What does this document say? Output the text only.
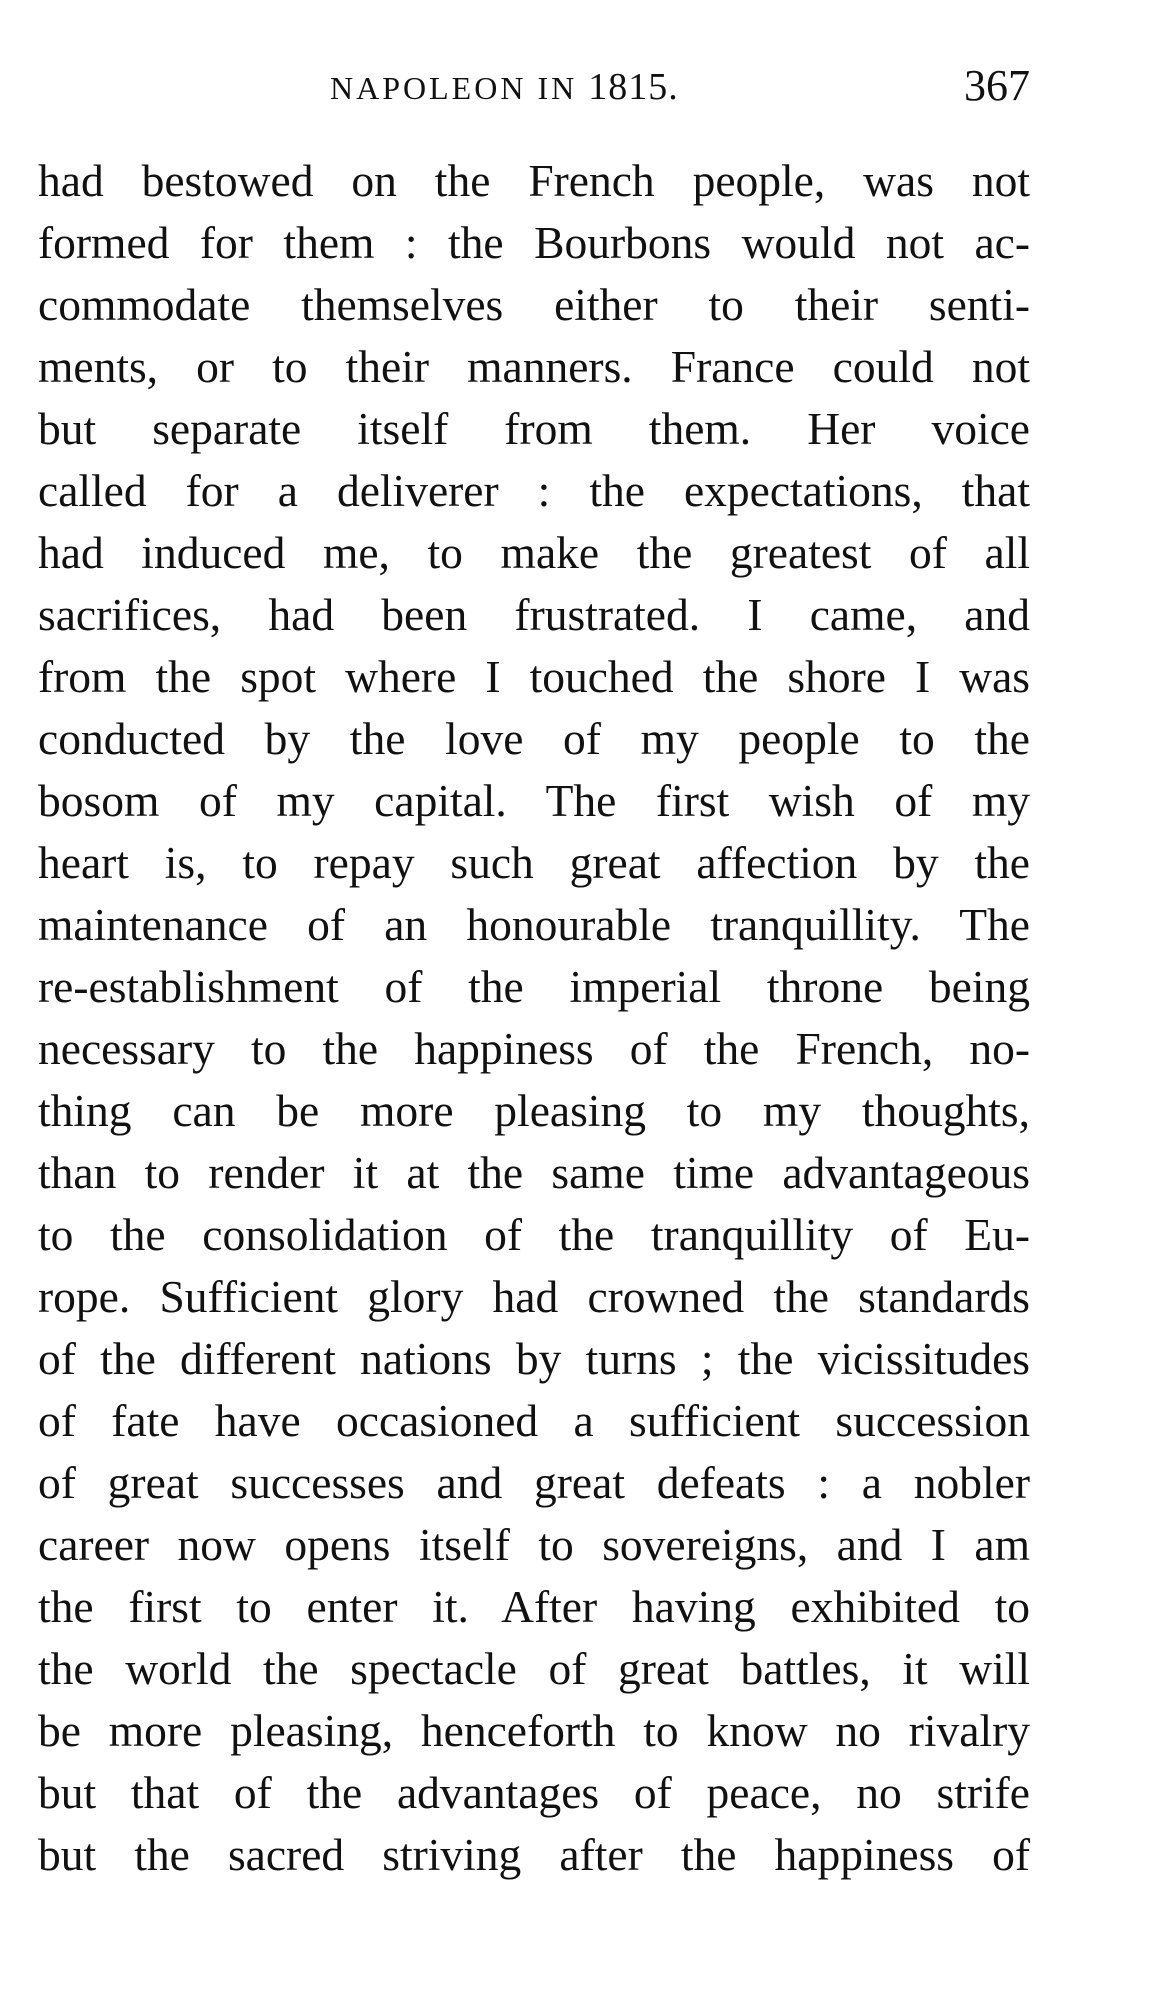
NAPOLEON IN 1815.	367
had bestowed on the French people, was not
formed for them : the Bourbons would not ac-
commodate themselves either to their senti-
ments, or to their manners. France could not
but separate itself from them. Her voice
called for a deliverer : the expectations, that
had induced me, to make the greatest of all
sacrifices, had been frustrated. I came, and
from the spot where I touched the shore I was
conducted by the love of my people to the
bosom of my capital. The first wish of my
heart is, to repay such great affection by the
maintenance of an honourable tranquillity. The
re-establishment of the imperial throne being
necessary to the happiness of the French, no-
thing can be more pleasing to my thoughts,
than to render it at the same time advantageous
to the consolidation of the tranquillity of Eu-
rope. Sufficient glory had crowned the standards
of the different nations by turns ; the vicissitudes
of fate have occasioned a sufficient succession
of great successes and great defeats : a nobler
career now opens itself to sovereigns, and I am
the first to enter it. After having exhibited to
the world the spectacle of great battles, it will
be more pleasing, henceforth to know no rivalry
but that of the advantages of peace, no strife
but the sacred striving after the happiness of
